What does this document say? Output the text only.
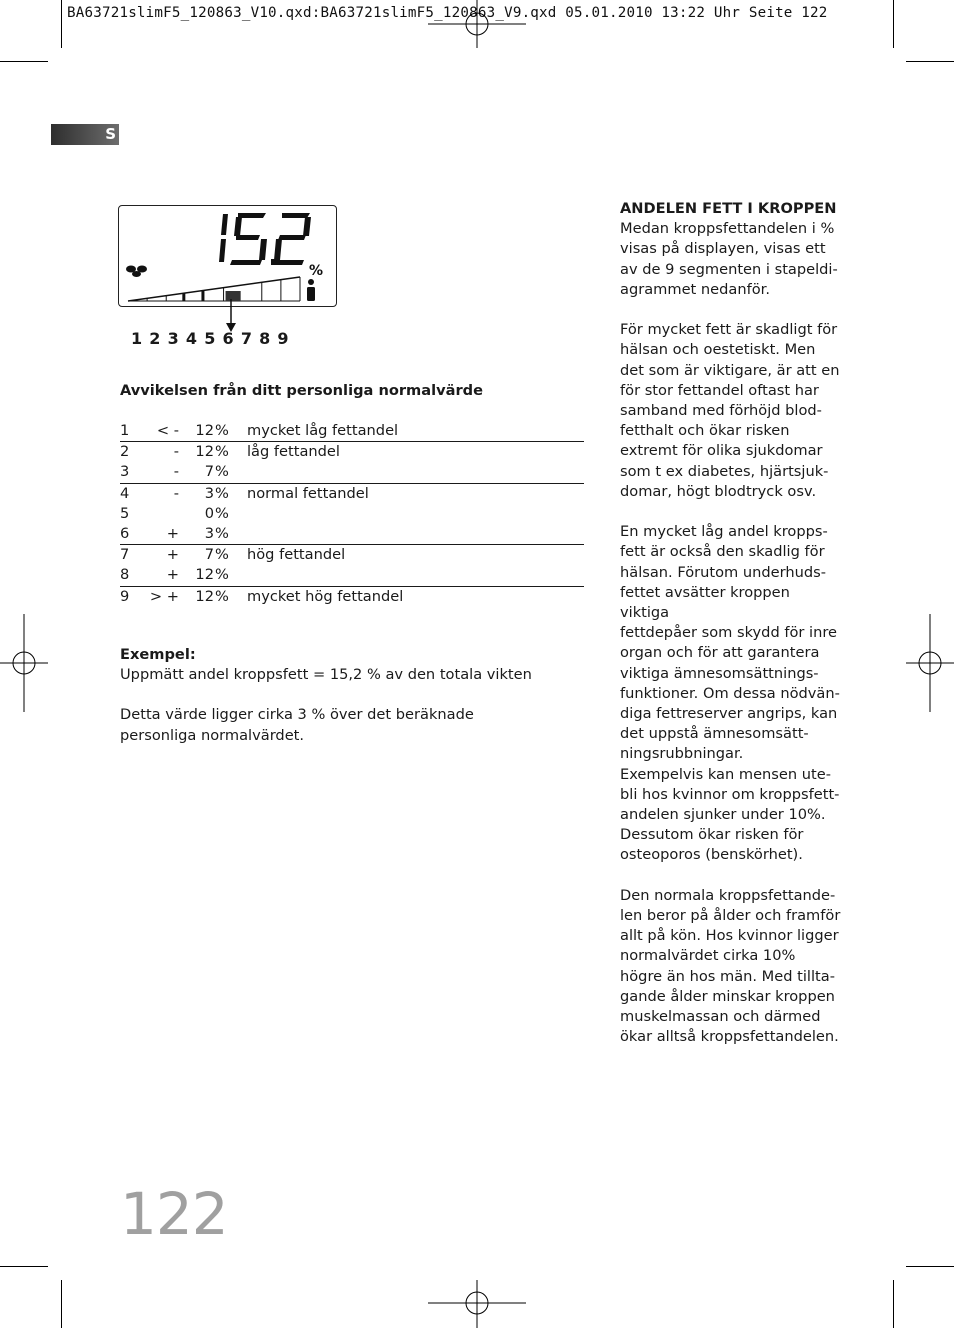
BA63721slimF5_120863_V10.qxd:BA63721slimF5_120863_V9.qxd 05.01.2010 13:22 Uhr Seite 122
S
%
1 2 3 4 5 6 7 8 9
Avvikelsen från ditt personliga normalvärde
1 < - 12 % mycket låg fettandel
2	- 12 % låg fettandel
3	- 7 %
4	- 3 % normal fettandel
5	0 %
6	+ 3 %
7	+ 7 % hög fettandel
8	+ 12 %
9 > + 12 % mycket hög fettandel
Exempel:
Uppmätt andel kroppsfett = 15,2 % av den totala vikten
Detta värde ligger cirka 3 % över det beräknade
personliga normalvärdet.

ANDELEN FETT I KROPPEN

Medan kroppsfettandelen i %

visas på displayen, visas ett

av de 9 segmenten i stapeldi-

agrammet nedanför.

För mycket fett är skadligt för

hälsan och oestetiskt. Men

det som är viktigare, är att en

för stor fettandel oftast har

samband med förhöjd blod-

fetthalt och ökar risken

extremt för olika sjukdomar

som t ex diabetes, hjärtsjuk-

domar, högt blodtryck osv.

En mycket låg andel kropps-

fett är också den skadlig för

hälsan. Förutom underhuds-

fettet avsätter kroppen viktiga

fettdepåer som skydd för inre

organ och för att garantera

viktiga ämnesomsättnings-

funktioner. Om dessa nödvän-

diga fettreserver angrips, kan

det uppstå ämnesomsätt-

ningsrubbningar.

Exempelvis kan mensen ute-

bli hos kvinnor om kroppsfett-

andelen sjunker under 10%.

Dessutom ökar risken för

osteoporos (benskörhet).

Den normala kroppsfettande-

len beror på ålder och framför

allt på kön. Hos kvinnor ligger

normalvärdet cirka 10%

högre än hos män. Med tillta-

gande ålder minskar kroppen

muskelmassan och därmed

ökar alltså kroppsfettandelen.

122
